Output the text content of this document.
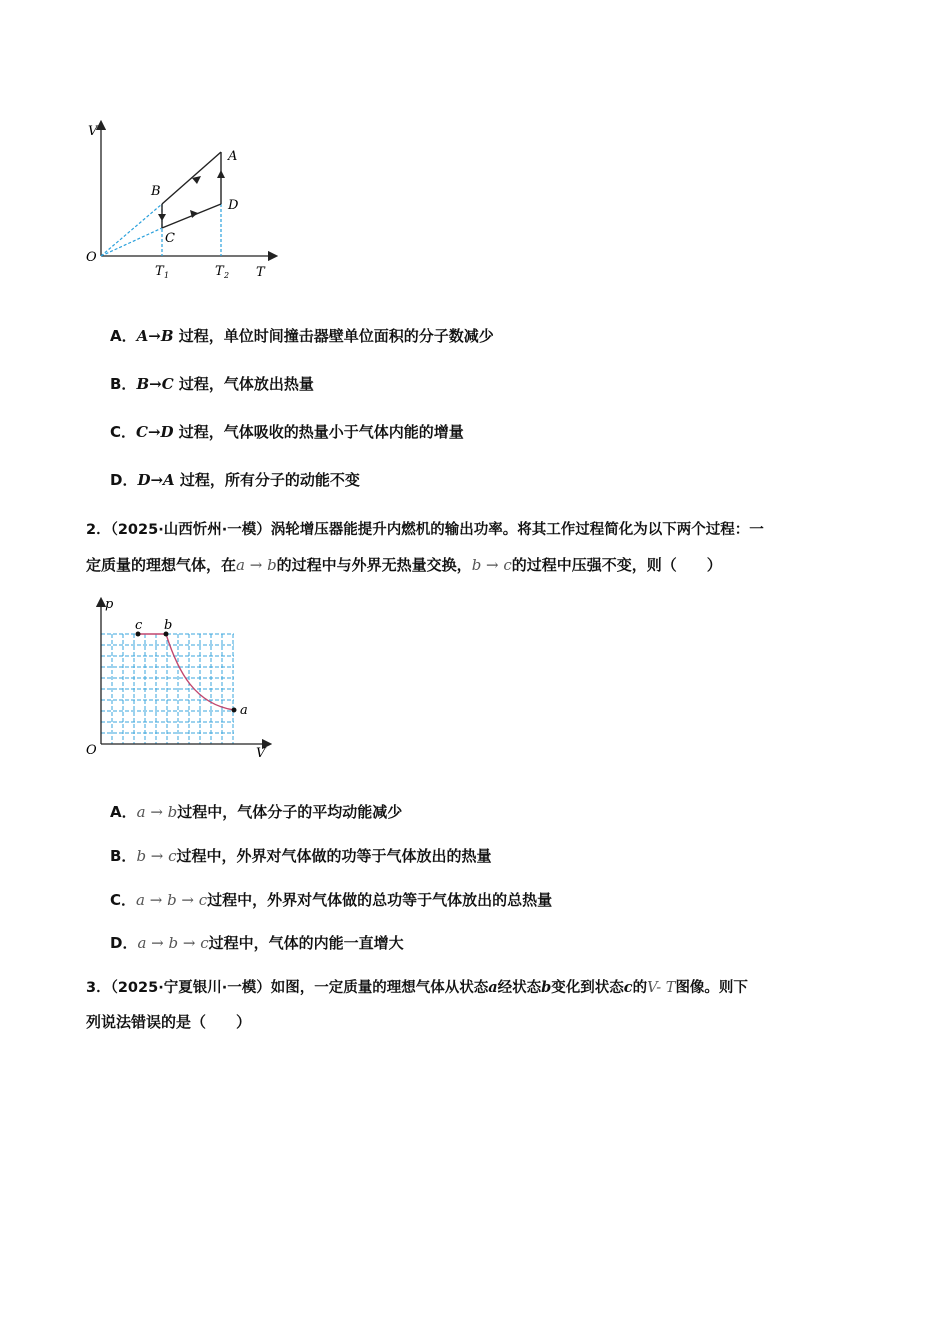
V
O
T
A
B
C
D
T 1	T 2
A．A→B 过程，单位时间撞击器壁单位面积的分子数减少
B．B→C 过程，气体放出热量
C．C→D 过程，气体吸收的热量小于气体内能的增量
D．D→A 过程，所有分子的动能不变
2．（2025·山西忻州·一模）涡轮增压器能提升内燃机的输出功率。将其工作过程简化为以下两个过程：一
定质量的理想气体，在a → b的过程中与外界无热量交换，b → c的过程中压强不变，则（　　）
p
O	V
c b
a
A．a → b过程中，气体分子的平均动能减少
B．b → c过程中，外界对气体做的功等于气体放出的热量
C．a → b → c过程中，外界对气体做的总功等于气体放出的总热量
D．a → b → c过程中，气体的内能一直增大
3．（2025·宁夏银川·一模）如图，一定质量的理想气体从状态a经状态b变化到状态c的V- T图像。则下
列说法错误的是（　　）
